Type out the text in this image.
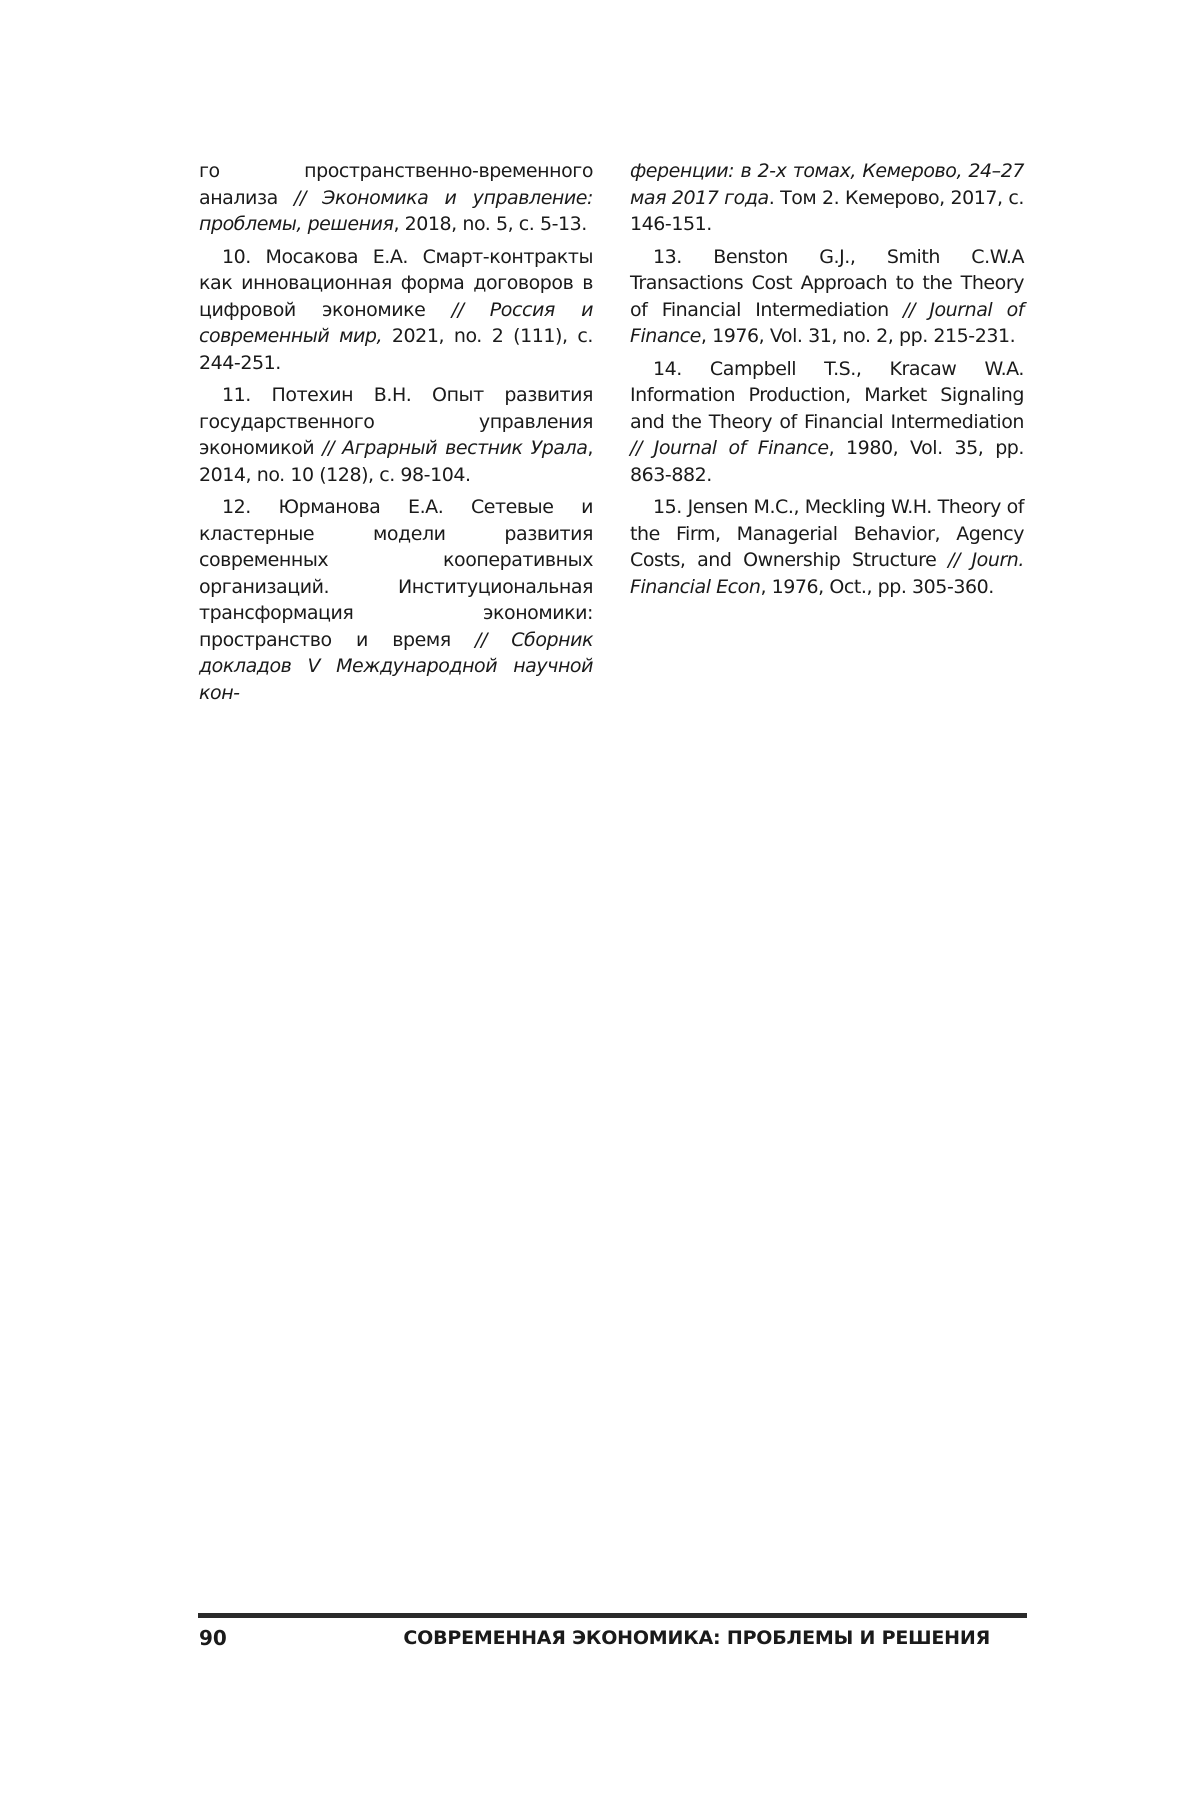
го пространственно-временного анализа // Экономика и управление: проблемы, решения, 2018, no. 5, с. 5-13.

10. Мосакова Е.А. Смарт-контракты как инновационная форма договоров в цифровой экономике // Россия и современный мир, 2021, no. 2 (111), с. 244-251.

11. Потехин В.Н. Опыт развития государственного управления экономикой // Аграрный вестник Урала, 2014, no. 10 (128), с. 98-104.

12. Юрманова Е.А. Сетевые и кластерные модели развития современных кооперативных организаций. Институциональная трансформация экономики: пространство и время // Сборник докладов V Международной научной кон-

ференции: в 2-х томах, Кемерово, 24–27 мая 2017 года. Том 2. Кемерово, 2017, с. 146-151.

13. Benston G.J., Smith C.W.A Transactions Cost Approach to the Theory of Financial Intermediation // Journal of Finance, 1976, Vol. 31, no. 2, pp. 215-231.

14. Campbell T.S., Kracaw W.A. Information Production, Market Signaling and the Theory of Financial Intermediation // Journal of Finance, 1980, Vol. 35, pp. 863-882.

15. Jensen M.C., Meckling W.H. Theory of the Firm, Managerial Behavior, Agency Costs, and Ownership Structure // Journ. Financial Econ, 1976, Oct., pp. 305-360.

90	СОВРЕМЕННАЯ ЭКОНОМИКА: ПРОБЛЕМЫ И РЕШЕНИЯ
